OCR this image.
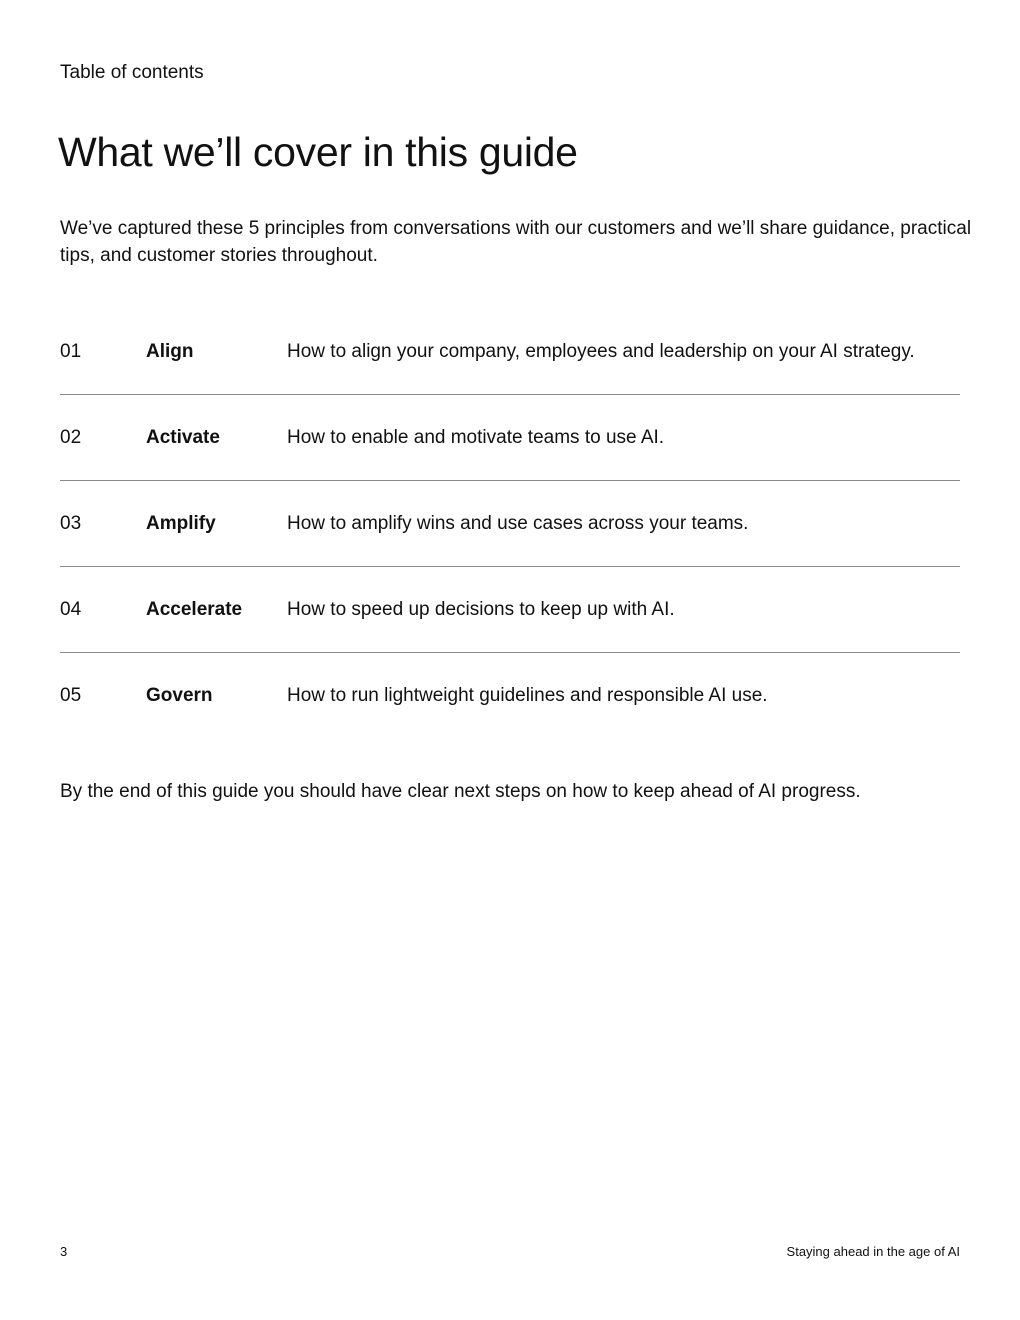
Table of contents
What we’ll cover in this guide

We’ve captured these 5 principles from conversations with our customers and we’ll share guidance, practical tips, and customer stories throughout.

01	Align	How to align your company, employees and leadership on your AI strategy.
02	Activate	How to enable and motivate teams to use AI.
03	Amplify	How to amplify wins and use cases across your teams.
04	Accelerate	How to speed up decisions to keep up with AI.
05	Govern	How to run lightweight guidelines and responsible AI use.

By the end of this guide you should have clear next steps on how to keep ahead of AI progress.

3	Staying ahead in the age of AI
